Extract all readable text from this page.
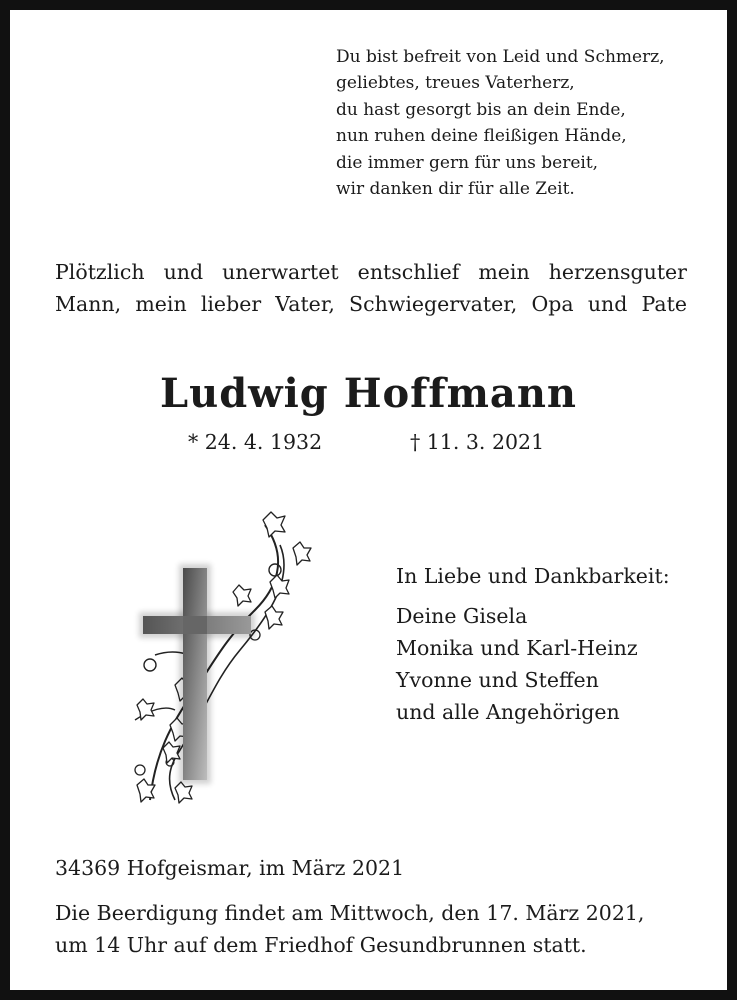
Du bist befreit von Leid und Schmerz,
geliebtes, treues Vaterherz,
du hast gesorgt bis an dein Ende,
nun ruhen deine fleißigen Hände,
die immer gern für uns bereit,
wir danken dir für alle Zeit.
Plötzlich und unerwartet entschlief mein herzensguter
Mann, mein lieber Vater, Schwiegervater, Opa und Pate
Ludwig Hoffmann
* 24. 4. 1932	† 11. 3. 2021
In Liebe und Dankbarkeit:
Deine Gisela
Monika und Karl-Heinz
Yvonne und Steffen
und alle Angehörigen
34369 Hofgeismar, im März 2021
Die Beerdigung findet am Mittwoch, den 17. März 2021,
um 14 Uhr auf dem Friedhof Gesundbrunnen statt.
